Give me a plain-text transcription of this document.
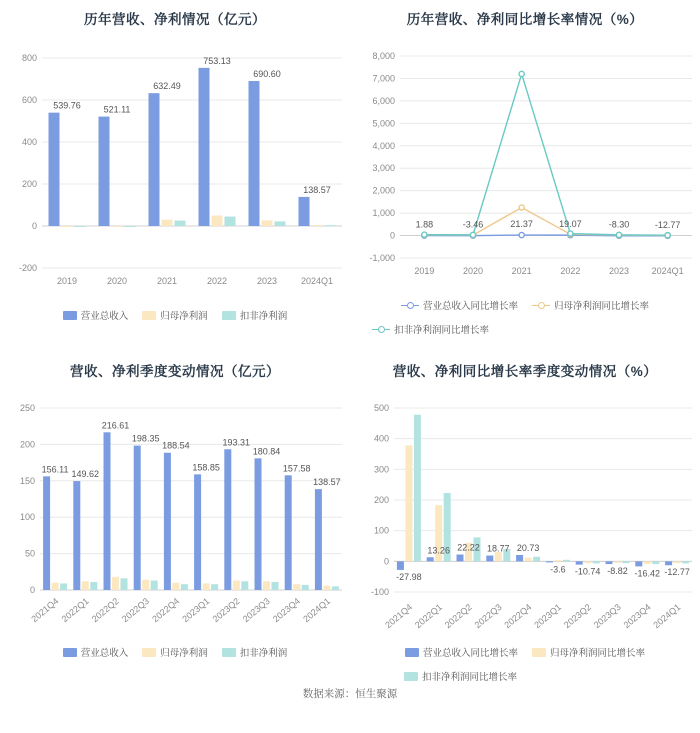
历年营收、净利情况（亿元）
-200
0
200
400
600
800
539.76	521.11
632.49
753.13
690.60
138.57
2019	2020	2021	2022	2023	2024Q1
营业总收入	归母净利润	扣非净利润
历年营收、净利同比增长率情况（%）
-1,000
0
1,000
2,000
3,000
4,000
5,000
6,000
7,000
8,000
1.88	-3.46	21.37	19.07	-8.30	-12.77
2019	2020	2021	2022	2023	2024Q1
营业总收入同比增长率	归母净利润同比增长率
扣非净利润同比增长率
营收、净利季度变动情况（亿元）
0
50
100
150
200
250
156.11 149.62
216.61
198.35
188.54
158.85
193.31
180.84
157.58
138.57
2021Q4 2022Q1 2022Q2 2022Q3 2022Q4 2023Q1 2023Q2 2023Q3 2023Q4 2024Q1
营业总收入	归母净利润	扣非净利润
营收、净利同比增长率季度变动情况（%）
-100
0
100
200
300
400
500
-27.98
13.26 22.22 18.77 20.73
-3.6 -10.74 -8.82 -16.42 -12.77
2021Q4
2022Q1
2022Q2
2022Q3
2022Q4
2023Q1
2023Q2
2023Q3
2023Q4
2024Q1
营业总收入同比增长率	归母净利润同比增长率
扣非净利润同比增长率
数据来源：恒生聚源
